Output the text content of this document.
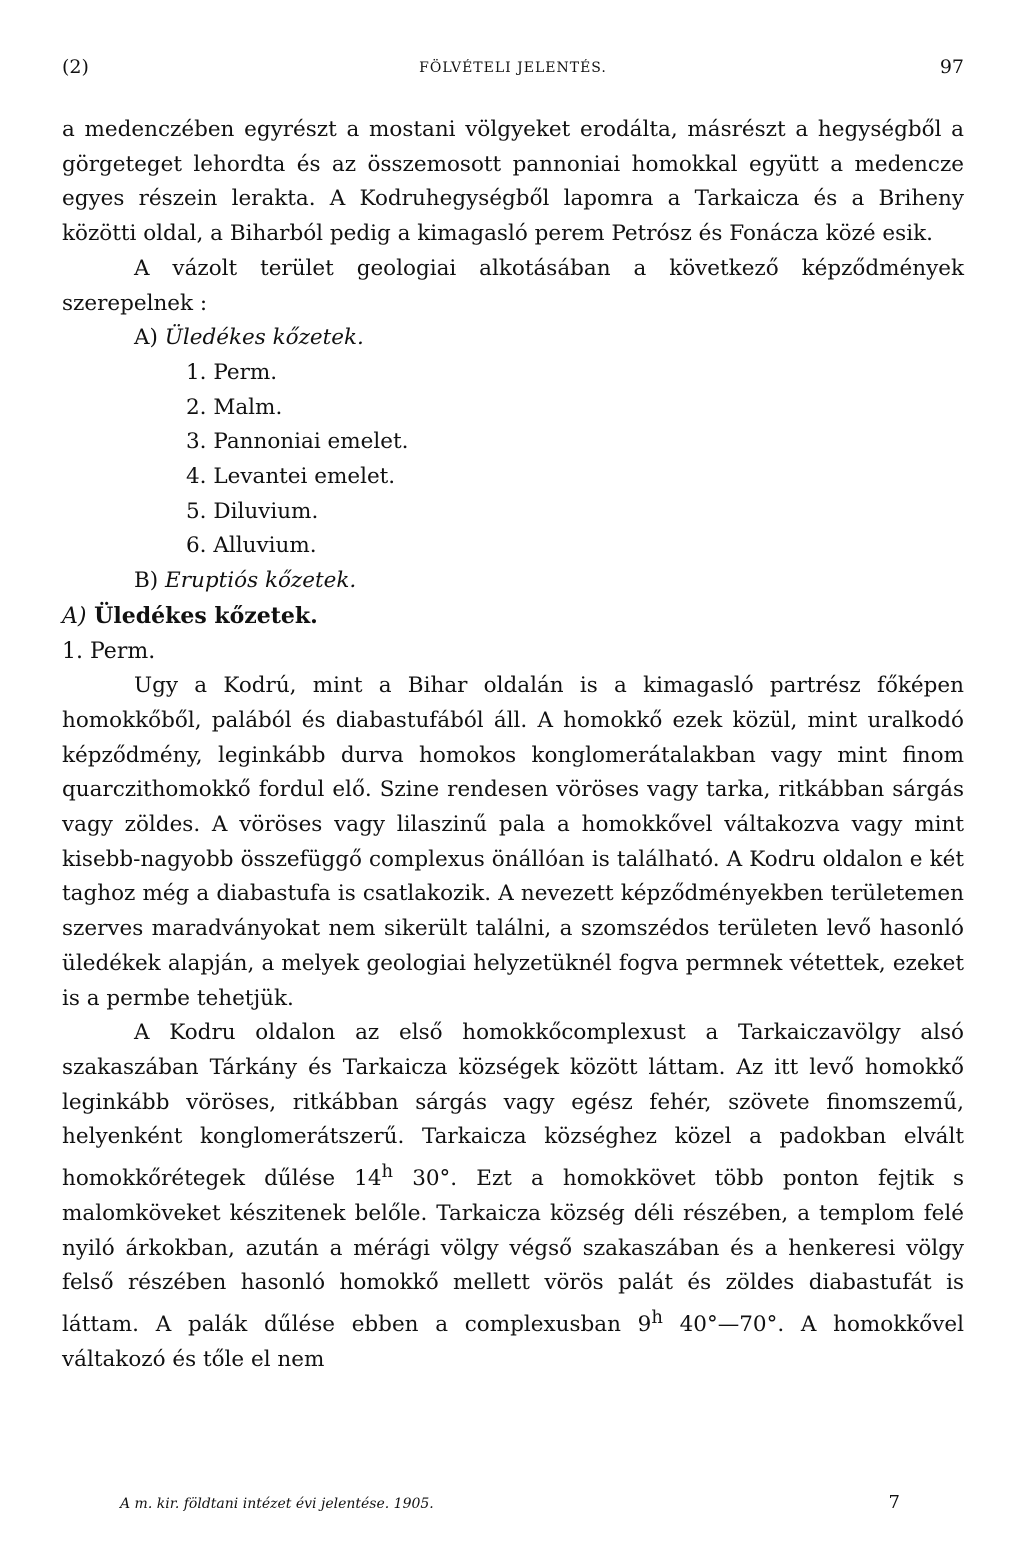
(2)	FÖLVÉTELI JELENTÉS.	97

a medenczében egyrészt a mostani völgyeket erodálta, másrészt a hegységből a görgeteget lehordta és az összemosott pannoniai homokkal együtt a medencze egyes részein lerakta. A Kodruhegységből lapomra a Tarkaicza és a Briheny közötti oldal, a Biharból pedig a kimagasló perem Petrósz és Fonácza közé esik.

A vázolt terület geologiai alkotásában a következő képződmények szerepelnek :

A) Üledékes kőzetek.

1. Perm.

2. Malm.

3. Pannoniai emelet.

4. Levantei emelet.

5. Diluvium.

6. Alluvium.

B) Eruptiós kőzetek.

A) Üledékes kőzetek.

1. Perm.

Ugy a Kodrú, mint a Bihar oldalán is a kimagasló partrész főképen homokkőből, palából és diabastufából áll. A homokkő ezek közül, mint uralkodó képződmény, leginkább durva homokos konglomerátalakban vagy mint finom quarczithomokkő fordul elő. Szine rendesen vöröses vagy tarka, ritkábban sárgás vagy zöldes. A vöröses vagy lilaszinű pala a homokkővel váltakozva vagy mint kisebb-nagyobb összefüggő complexus önállóan is található. A Kodru oldalon e két taghoz még a diabastufa is csatlakozik. A nevezett képződményekben területemen szerves maradványokat nem sikerült találni, a szomszédos területen levő hasonló üledékek alapján, a melyek geologiai helyzetüknél fogva permnek vétettek, ezeket is a permbe tehetjük.

A Kodru oldalon az első homokkőcomplexust a Tarkaiczavölgy alsó szakaszában Tárkány és Tarkaicza községek között láttam. Az itt levő homokkő leginkább vöröses, ritkábban sárgás vagy egész fehér, szövete finomszemű, helyenként konglomerátszerű. Tarkaicza községhez közel a padokban elvált homokkőrétegek dűlése 14$^h$ 30°. Ezt a homokkövet több ponton fejtik s malomköveket készitenek belőle. Tarkaicza község déli részében, a templom felé nyiló árkokban, azután a mérági völgy végső szakaszában és a henkeresi völgy felső részében hasonló homokkő mellett vörös palát és zöldes diabastufát is láttam. A palák dűlése ebben a complexusban 9$^h$ 40°—70°. A homokkővel váltakozó és tőle el nem

A m. kir. földtani intézet évi jelentése. 1905.	7
